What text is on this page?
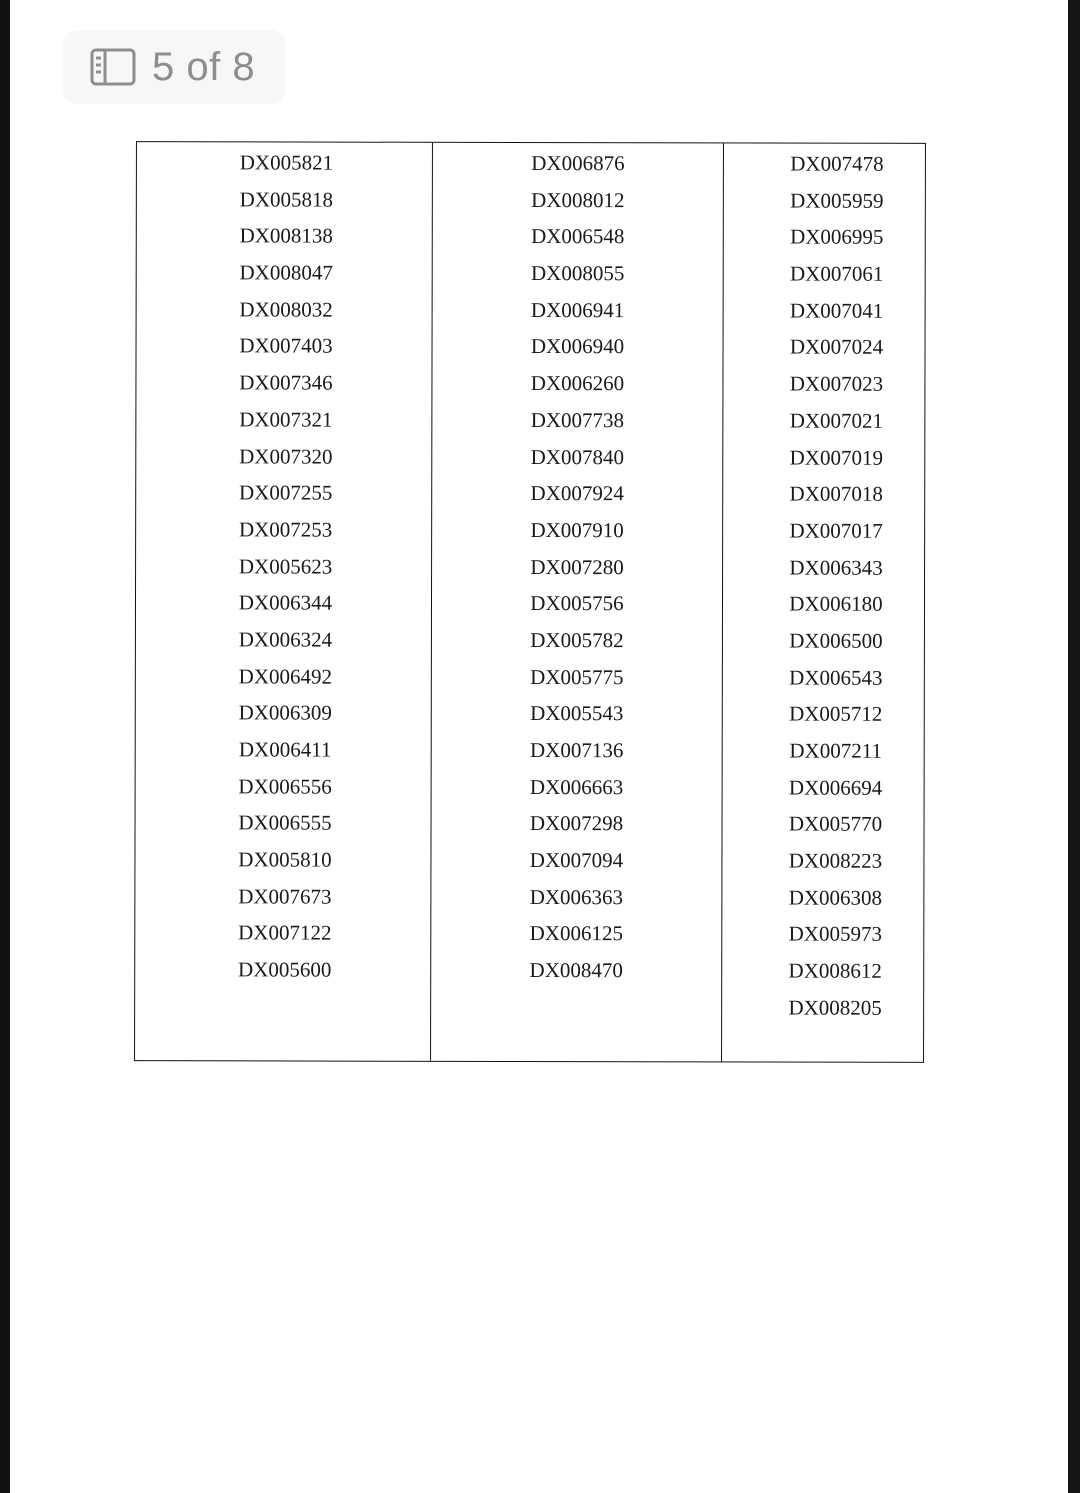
5 of 8
DX005821
DX005818
DX008138
DX008047
DX008032
DX007403
DX007346
DX007321
DX007320
DX007255
DX007253
DX005623
DX006344
DX006324
DX006492
DX006309
DX006411
DX006556
DX006555
DX005810
DX007673
DX007122
DX005600
DX006876
DX008012
DX006548
DX008055
DX006941
DX006940
DX006260
DX007738
DX007840
DX007924
DX007910
DX007280
DX005756
DX005782
DX005775
DX005543
DX007136
DX006663
DX007298
DX007094
DX006363
DX006125
DX008470
DX007478
DX005959
DX006995
DX007061
DX007041
DX007024
DX007023
DX007021
DX007019
DX007018
DX007017
DX006343
DX006180
DX006500
DX006543
DX005712
DX007211
DX006694
DX005770
DX008223
DX006308
DX005973
DX008612
DX008205
